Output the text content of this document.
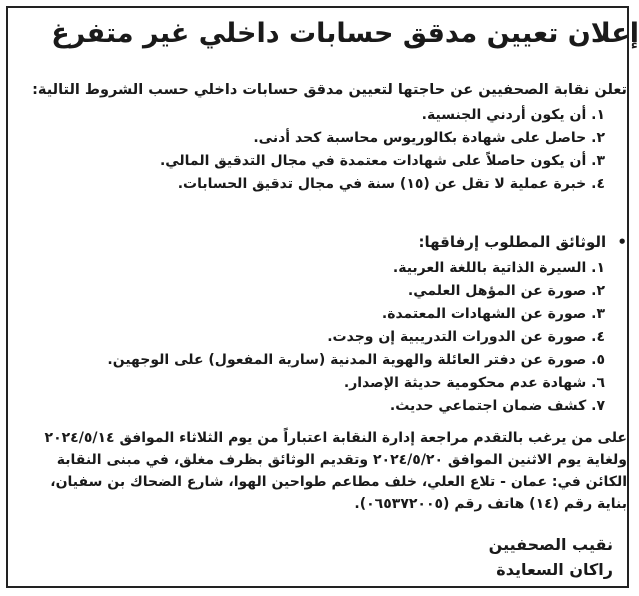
إعلان تعيين مدقق حسابات داخلي غير متفرغ
تعلن نقابة الصحفيين عن حاجتها لتعيين مدقق حسابات داخلي حسب الشروط التالية:
١. أن يكون أردني الجنسية.
٢. حاصل على شهادة بكالوريوس محاسبة كحد أدنى.
٣. أن يكون حاصلاً على شهادات معتمدة في مجال التدقيق المالي.
٤. خبرة عملية لا تقل عن (١٥) سنة في مجال تدقيق الحسابات.
• الوثائق المطلوب إرفاقها:
١. السيرة الذاتية باللغة العربية.
٢. صورة عن المؤهل العلمي.
٣. صورة عن الشهادات المعتمدة.
٤. صورة عن الدورات التدريبية إن وجدت.
٥. صورة عن دفتر العائلة والهوية المدنية (سارية المفعول) على الوجهين.
٦. شهادة عدم محكومية حديثة الإصدار.
٧. كشف ضمان اجتماعي حديث.
على من يرغب بالتقدم مراجعة إدارة النقابة اعتباراً من يوم الثلاثاء الموافق ٢٠٢٤/٥/١٤ ولغاية يوم الاثنين الموافق ٢٠٢٤/٥/٢٠ وتقديم الوثائق بظرف مغلق، في مبنى النقابة الكائن في: عمان - تلاع العلي، خلف مطاعم طواحين الهوا، شارع الضحاك بن سفيان، بناية رقم (١٤) هاتف رقم (٠٦٥٣٧٢٠٠٥).
نقيب الصحفيين
راكان السعايدة
